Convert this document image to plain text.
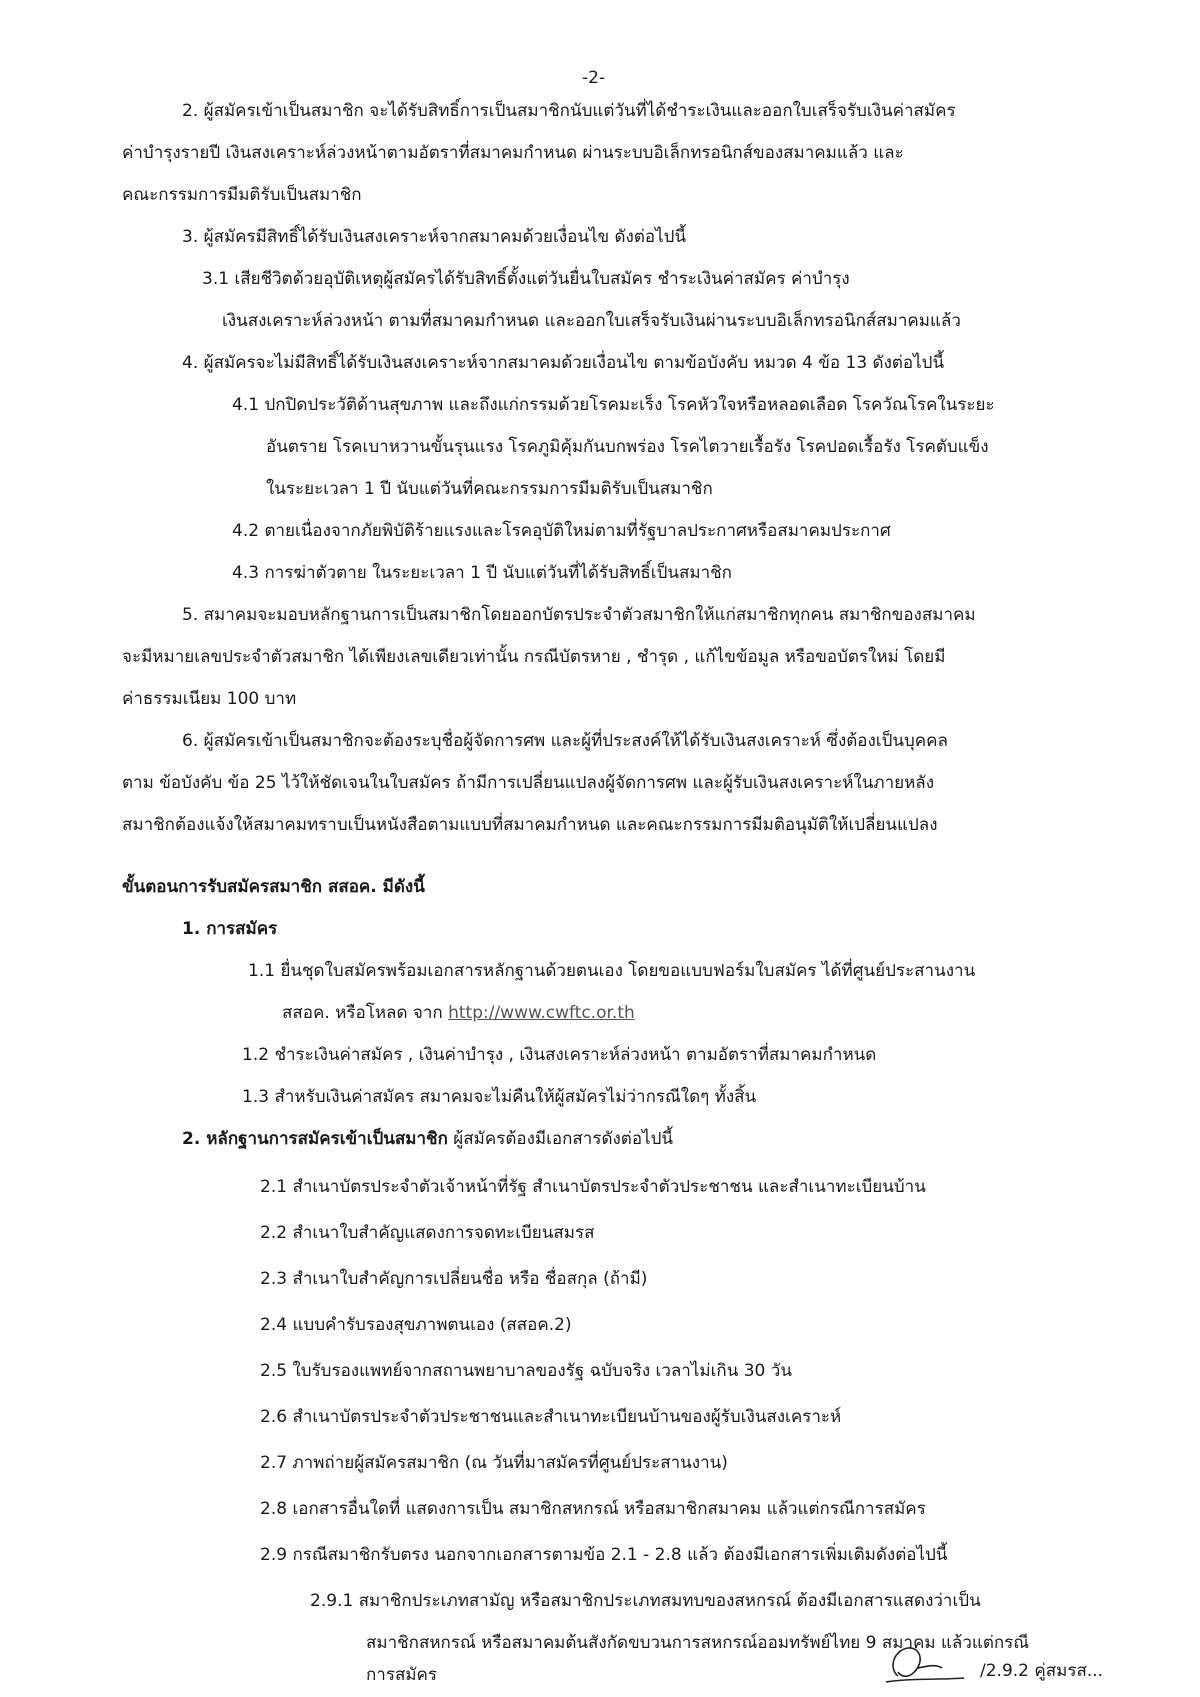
-2-
2. ผู้สมัครเข้าเป็นสมาชิก จะได้รับสิทธิ์การเป็นสมาชิกนับแต่วันที่ได้ชำระเงินและออกใบเสร็จรับเงินค่าสมัคร
ค่าบำรุงรายปี เงินสงเคราะห์ล่วงหน้าตามอัตราที่สมาคมกำหนด ผ่านระบบอิเล็กทรอนิกส์ของสมาคมแล้ว และ
คณะกรรมการมีมติรับเป็นสมาชิก
3. ผู้สมัครมีสิทธิ์ได้รับเงินสงเคราะห์จากสมาคมด้วยเงื่อนไข ดังต่อไปนี้
3.1 เสียชีวิตด้วยอุบัติเหตุผู้สมัครได้รับสิทธิ์ตั้งแต่วันยื่นใบสมัคร ชำระเงินค่าสมัคร ค่าบำรุง
เงินสงเคราะห์ล่วงหน้า ตามที่สมาคมกำหนด และออกใบเสร็จรับเงินผ่านระบบอิเล็กทรอนิกส์สมาคมแล้ว
4. ผู้สมัครจะไม่มีสิทธิ์ได้รับเงินสงเคราะห์จากสมาคมด้วยเงื่อนไข ตามข้อบังคับ หมวด 4 ข้อ 13 ดังต่อไปนี้
4.1 ปกปิดประวัติด้านสุขภาพ และถึงแก่กรรมด้วยโรคมะเร็ง โรคหัวใจหรือหลอดเลือด โรควัณโรคในระยะ
อันตราย โรคเบาหวานขั้นรุนแรง โรคภูมิคุ้มกันบกพร่อง โรคไตวายเรื้อรัง โรคปอดเรื้อรัง โรคตับแข็ง
ในระยะเวลา 1 ปี นับแต่วันที่คณะกรรมการมีมติรับเป็นสมาชิก
4.2 ตายเนื่องจากภัยพิบัติร้ายแรงและโรคอุบัติใหม่ตามที่รัฐบาลประกาศหรือสมาคมประกาศ
4.3 การฆ่าตัวตาย ในระยะเวลา 1 ปี นับแต่วันที่ได้รับสิทธิ์เป็นสมาชิก
5. สมาคมจะมอบหลักฐานการเป็นสมาชิกโดยออกบัตรประจำตัวสมาชิกให้แก่สมาชิกทุกคน สมาชิกของสมาคม
จะมีหมายเลขประจำตัวสมาชิก ได้เพียงเลขเดียวเท่านั้น กรณีบัตรหาย , ชำรุด , แก้ไขข้อมูล หรือขอบัตรใหม่ โดยมี
ค่าธรรมเนียม 100 บาท
6. ผู้สมัครเข้าเป็นสมาชิกจะต้องระบุชื่อผู้จัดการศพ และผู้ที่ประสงค์ให้ได้รับเงินสงเคราะห์ ซึ่งต้องเป็นบุคคล
ตาม ข้อบังคับ ข้อ 25 ไว้ให้ชัดเจนในใบสมัคร ถ้ามีการเปลี่ยนแปลงผู้จัดการศพ และผู้รับเงินสงเคราะห์ในภายหลัง
สมาชิกต้องแจ้งให้สมาคมทราบเป็นหนังสือตามแบบที่สมาคมกำหนด และคณะกรรมการมีมติอนุมัติให้เปลี่ยนแปลง
ขั้นตอนการรับสมัครสมาชิก สสอค. มีดังนี้
1. การสมัคร
1.1 ยื่นชุดใบสมัครพร้อมเอกสารหลักฐานด้วยตนเอง โดยขอแบบฟอร์มใบสมัคร ได้ที่ศูนย์ประสานงาน
สสอค. หรือโหลด จาก http://www.cwftc.or.th
1.2 ชำระเงินค่าสมัคร , เงินค่าบำรุง , เงินสงเคราะห์ล่วงหน้า ตามอัตราที่สมาคมกำหนด
1.3 สำหรับเงินค่าสมัคร สมาคมจะไม่คืนให้ผู้สมัครไม่ว่ากรณีใดๆ ทั้งสิ้น
2. หลักฐานการสมัครเข้าเป็นสมาชิก ผู้สมัครต้องมีเอกสารดังต่อไปนี้
2.1 สำเนาบัตรประจำตัวเจ้าหน้าที่รัฐ สำเนาบัตรประจำตัวประชาชน และสำเนาทะเบียนบ้าน
2.2 สำเนาใบสำคัญแสดงการจดทะเบียนสมรส
2.3 สำเนาใบสำคัญการเปลี่ยนชื่อ หรือ ชื่อสกุล (ถ้ามี)
2.4 แบบคำรับรองสุขภาพตนเอง (สสอค.2)
2.5 ใบรับรองแพทย์จากสถานพยาบาลของรัฐ ฉบับจริง เวลาไม่เกิน 30 วัน
2.6 สำเนาบัตรประจำตัวประชาชนและสำเนาทะเบียนบ้านของผู้รับเงินสงเคราะห์
2.7 ภาพถ่ายผู้สมัครสมาชิก (ณ วันที่มาสมัครที่ศูนย์ประสานงาน)
2.8 เอกสารอื่นใดที่ แสดงการเป็น สมาชิกสหกรณ์ หรือสมาชิกสมาคม แล้วแต่กรณีการสมัคร
2.9 กรณีสมาชิกรับตรง นอกจากเอกสารตามข้อ 2.1 - 2.8 แล้ว ต้องมีเอกสารเพิ่มเติมดังต่อไปนี้
2.9.1 สมาชิกประเภทสามัญ หรือสมาชิกประเภทสมทบของสหกรณ์ ต้องมีเอกสารแสดงว่าเป็น
สมาชิกสหกรณ์ หรือสมาคมต้นสังกัดขบวนการสหกรณ์ออมทรัพย์ไทย 9 สมาคม แล้วแต่กรณี
การสมัคร	/2.9.2 คู่สมรส...
